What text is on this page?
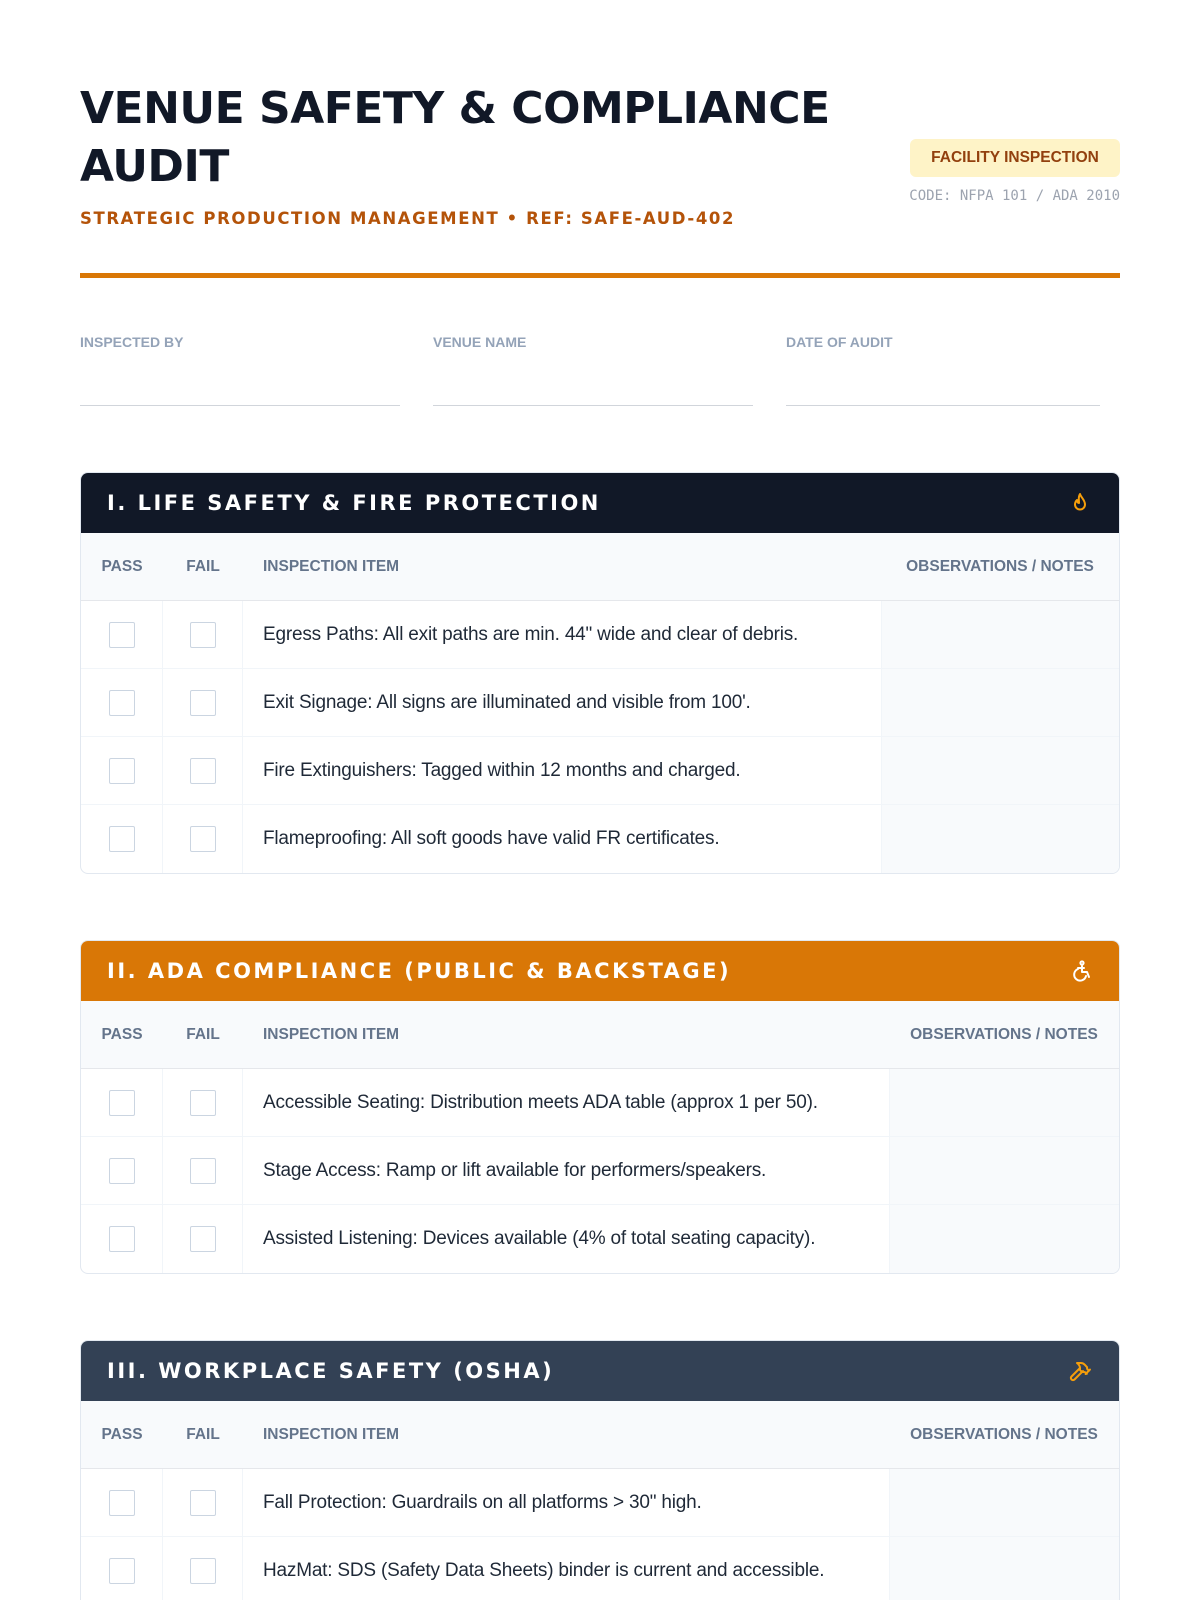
VENUE SAFETY & COMPLIANCE AUDIT
STRATEGIC PRODUCTION MANAGEMENT • REF: SAFE-AUD-402
FACILITY INSPECTION
CODE: NFPA 101 / ADA 2010
INSPECTED BY	VENUE NAME	DATE OF AUDIT
I. LIFE SAFETY & FIRE PROTECTION
PASS	FAIL	INSPECTION ITEM	OBSERVATIONS / NOTES
Egress Paths: All exit paths are min. 44" wide and clear of debris.
Exit Signage: All signs are illuminated and visible from 100'.
Fire Extinguishers: Tagged within 12 months and charged.
Flameproofing: All soft goods have valid FR certificates.
II. ADA COMPLIANCE (PUBLIC & BACKSTAGE)
PASS	FAIL	INSPECTION ITEM	OBSERVATIONS / NOTES
Accessible Seating: Distribution meets ADA table (approx 1 per 50).
Stage Access: Ramp or lift available for performers/speakers.
Assisted Listening: Devices available (4% of total seating capacity).
III. WORKPLACE SAFETY (OSHA)
PASS	FAIL	INSPECTION ITEM	OBSERVATIONS / NOTES
Fall Protection: Guardrails on all platforms > 30" high.
HazMat: SDS (Safety Data Sheets) binder is current and accessible.
